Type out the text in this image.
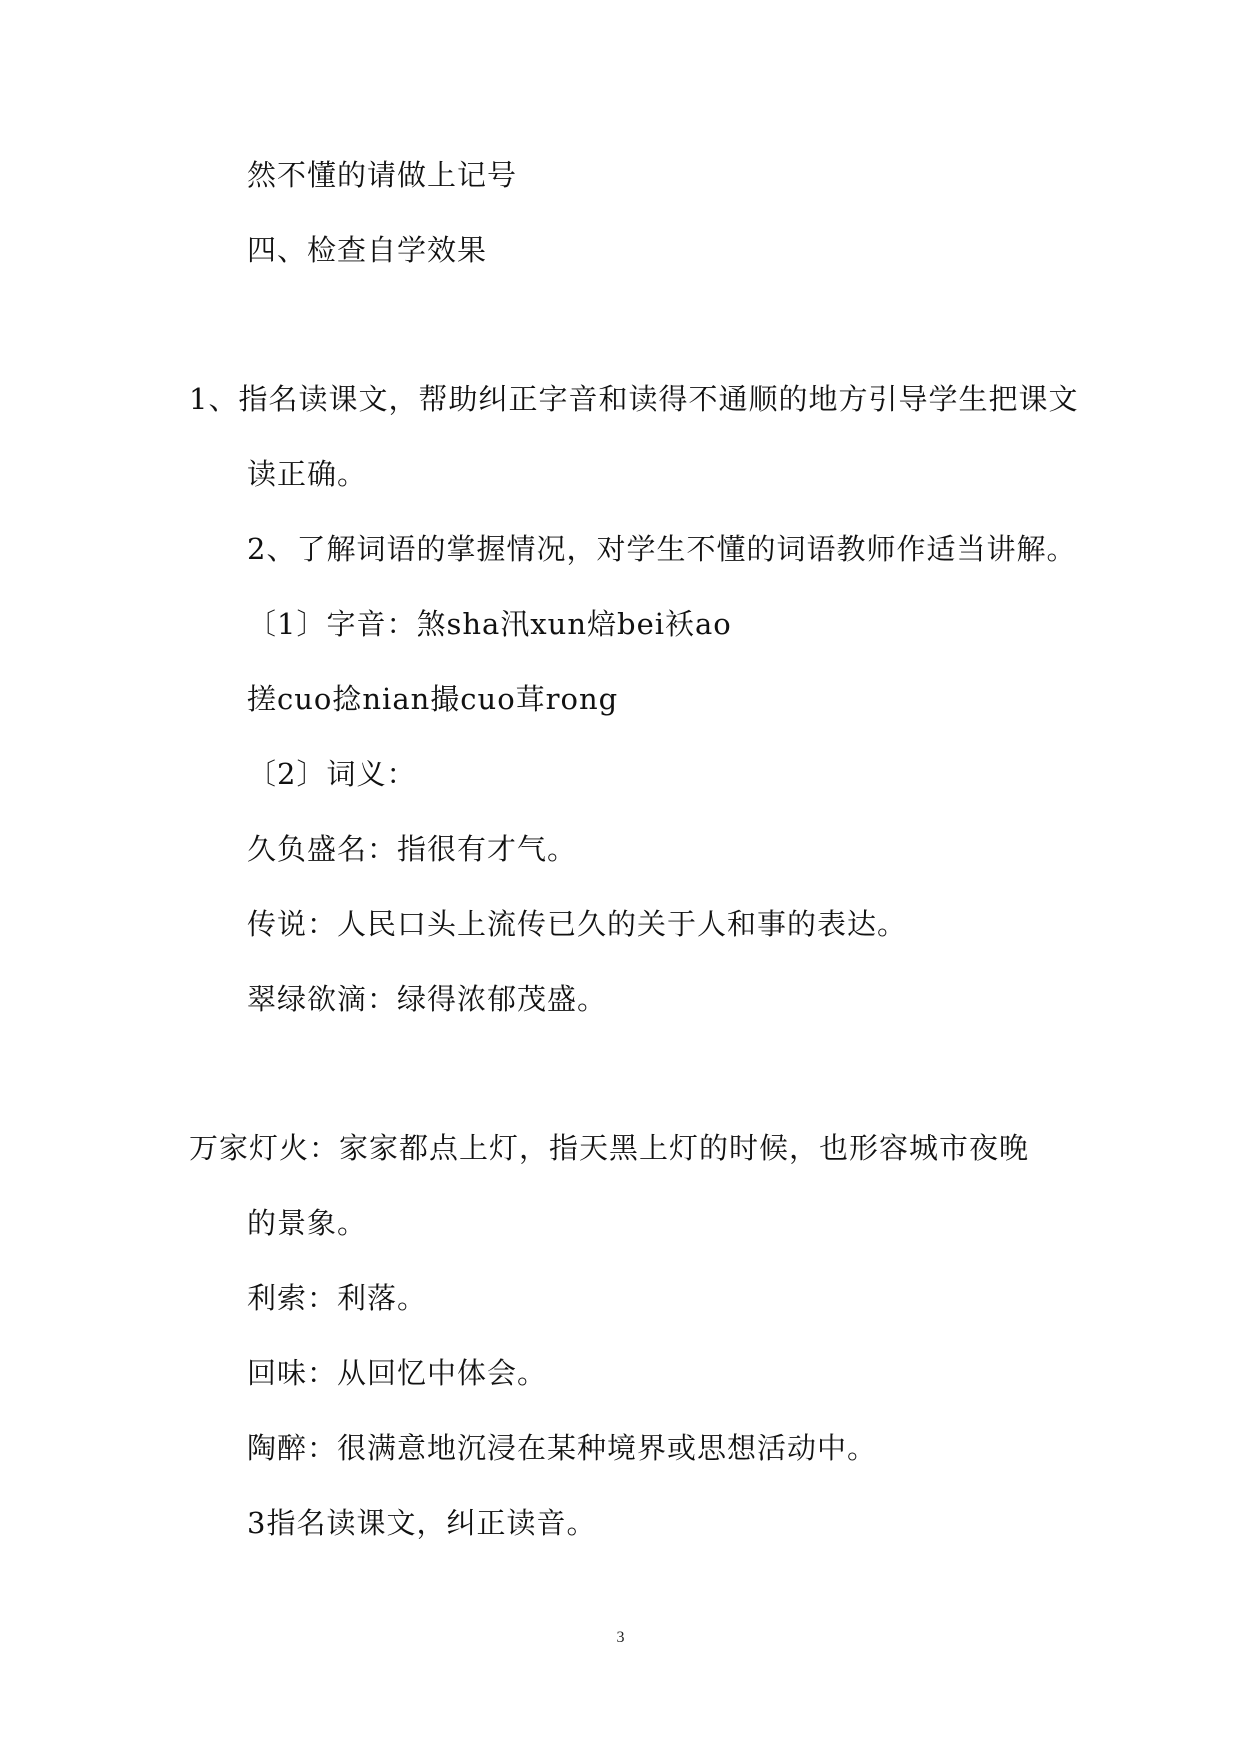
然不懂的请做上记号
四、检查自学效果
1、指名读课文，帮助纠正字音和读得不通顺的地方引导学生把课文
读正确。
2、了解词语的掌握情况，对学生不懂的词语教师作适当讲解。
〔1〕字音：煞sha汛xun焙bei袄ao
搓cuo捻nian撮cuo茸rong
〔2〕词义：
久负盛名：指很有才气。
传说：人民口头上流传已久的关于人和事的表达。
翠绿欲滴：绿得浓郁茂盛。
万家灯火：家家都点上灯，指天黑上灯的时候，也形容城市夜晚
的景象。
利索：利落。
回味：从回忆中体会。
陶醉：很满意地沉浸在某种境界或思想活动中。
3指名读课文，纠正读音。
3
